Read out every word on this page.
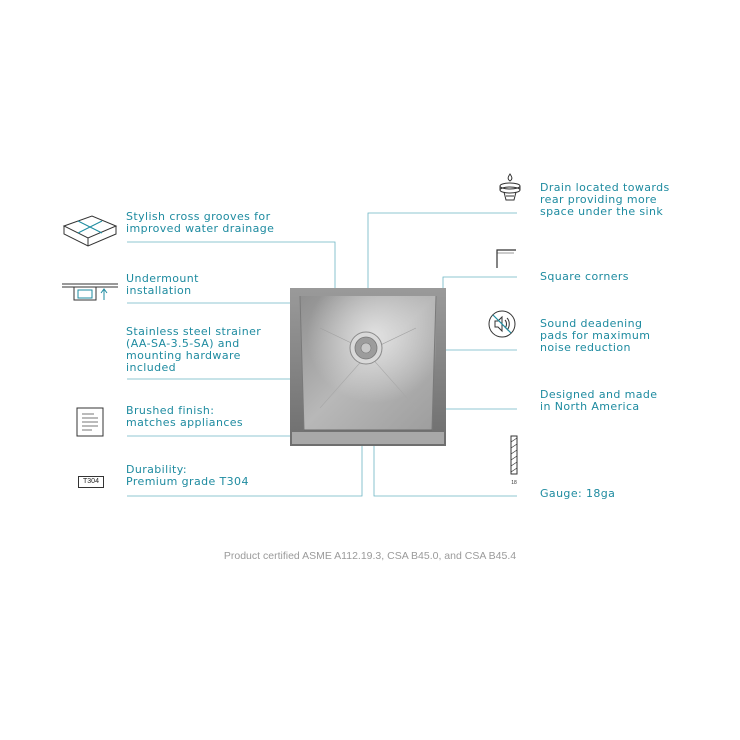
T304	18
Stylish cross grooves for
improved water drainage
Undermount
installation
Stainless steel strainer
(AA-SA-3.5-SA) and
mounting hardware
included
Brushed finish:
matches appliances
Durability:
Premium grade T304
Drain located towards
rear providing more
space under the sink
Square corners
Sound deadening
pads for maximum
noise reduction
Designed and made
in North America
Gauge: 18ga
Product certified ASME A112.19.3, CSA B45.0, and CSA B45.4
